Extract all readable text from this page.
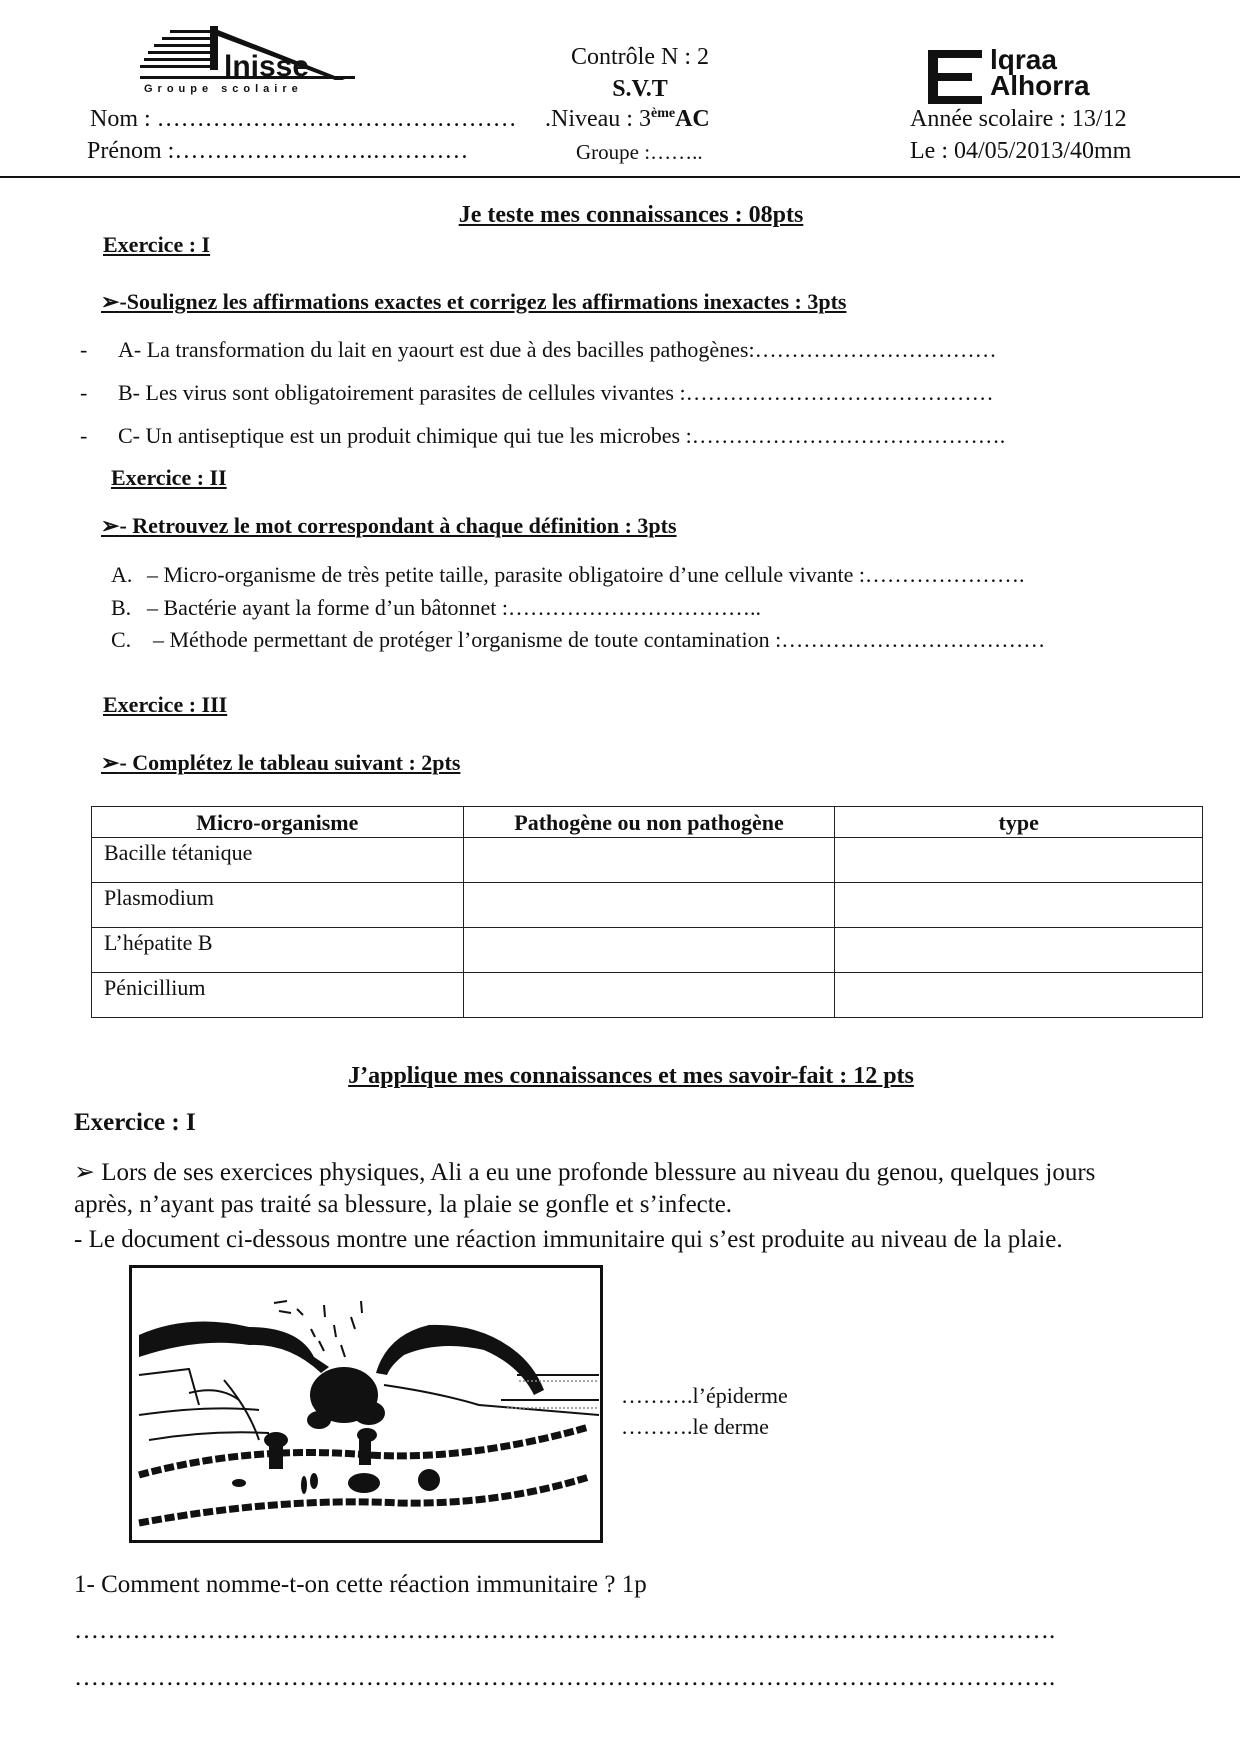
lnisse
Groupe scolaire
Nom : ………………………………………
Prénom :…………………….…………
Contrôle N : 2
S.V.T
.Niveau : 3èmeAC
Groupe :……..
lqraa
Alhorra
Année scolaire : 13/12
Le : 04/05/2013/40mm
Je teste mes connaissances : 08pts
Exercice : I
➢-Soulignez les affirmations exactes et corrigez les affirmations inexactes : 3pts
- A- La transformation du lait en yaourt est due à des bacilles pathogènes:……………………………
- B- Les virus sont obligatoirement parasites de cellules vivantes :……………………………………
- C- Un antiseptique est un produit chimique qui tue les microbes :…………………………………….
Exercice : II
➢- Retrouvez le mot correspondant à chaque définition : 3pts
A. – Micro-organisme de très petite taille, parasite obligatoire d’une cellule vivante :………………….
B. – Bactérie ayant la forme d’un bâtonnet :……………………………..
C. – Méthode permettant de protéger l’organisme de toute contamination :………………………………
Exercice : III
➢- Complétez le tableau suivant : 2pts
Micro-organisme	Pathogène ou non pathogène	type
Bacille tétanique		
Plasmodium		
L’hépatite B		
Pénicillium		
J’applique mes connaissances et mes savoir-fait : 12 pts
Exercice : I
➢ Lors de ses exercices physiques, Ali a eu une profonde blessure au niveau du genou, quelques jours
après, n’ayant pas traité sa blessure, la plaie se gonfle et s’infecte.
- Le document ci-dessous montre une réaction immunitaire qui s’est produite au niveau de la plaie.
……….l’épiderme
……….le derme
1- Comment nomme-t-on cette réaction immunitaire ? 1p
……………………………………………………………………………………………………….
……………………………………………………………………………………………………….
